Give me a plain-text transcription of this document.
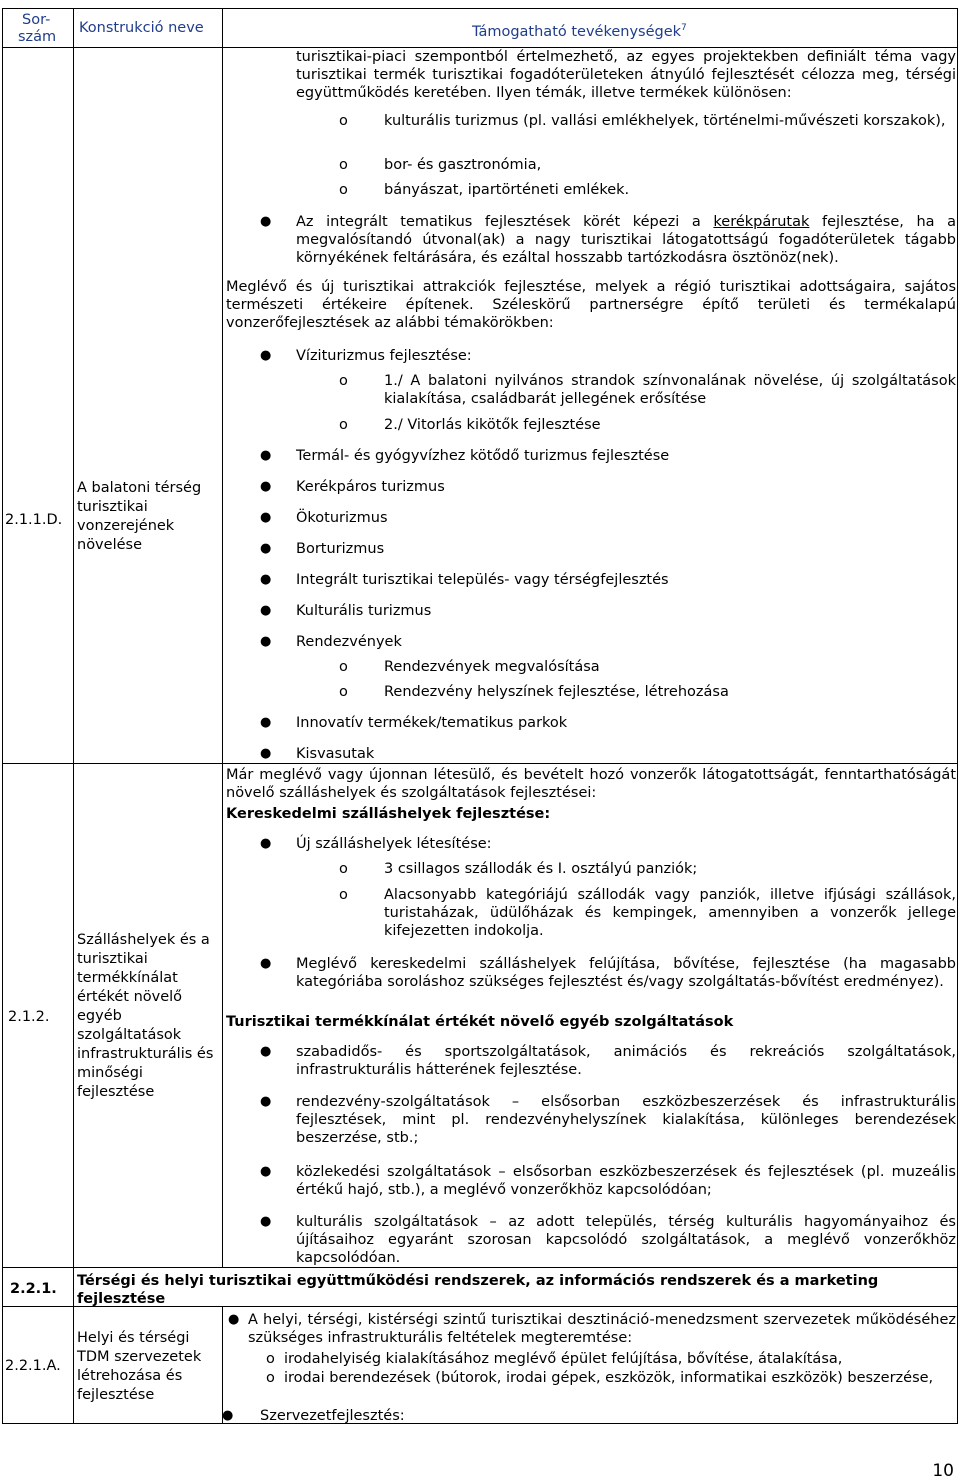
Sor-
szám
Konstrukció neve	Támogatható tevékenységek$^7$
2.1.1.D.
A balatoni térség turisztikai vonzerejének növelése
turisztikai-piaci szempontból értelmezhető, az egyes projektekben definiált téma vagy turisztikai termék turisztikai fogadóterületeken átnyúló fejlesztését célozza meg, térségi együttműködés keretében. Ilyen témák, illetve termékek különösen:
o kulturális turizmus (pl. vallási emlékhelyek, történelmi-művészeti korszakok),
o bor- és gasztronómia,
o bányászat, ipartörténeti emlékek.
● Az integrált tematikus fejlesztések körét képezi a kerékpárutak fejlesztése, ha a megvalósítandó útvonal(ak) a nagy turisztikai látogatottságú fogadóterületek tágabb környékének feltárására, és ezáltal hosszabb tartózkodásra ösztönöz(nek).
Meglévő és új turisztikai attrakciók fejlesztése, melyek a régió turisztikai adottságaira, sajátos természeti értékeire építenek. Széleskörű partnerségre építő területi és termékalapú vonzerőfejlesztések az alábbi témakörökben:
● Víziturizmus fejlesztése:
o 1./ A balatoni nyilvános strandok színvonalának növelése, új szolgáltatások kialakítása, családbarát jellegének erősítése
o 2./ Vitorlás kikötők fejlesztése
● Termál- és gyógyvízhez kötődő turizmus fejlesztése
● Kerékpáros turizmus
● Ökoturizmus
● Borturizmus
● Integrált turisztikai település- vagy térségfejlesztés
● Kulturális turizmus
● Rendezvények
o Rendezvények megvalósítása
o Rendezvény helyszínek fejlesztése, létrehozása
● Innovatív termékek/tematikus parkok
● Kisvasutak
2.1.2.
Szálláshelyek és a turisztikai termékkínálat értékét növelő egyéb szolgáltatások infrastrukturális és minőségi fejlesztése
Már meglévő vagy újonnan létesülő, és bevételt hozó vonzerők látogatottságát, fenntarthatóságát növelő szálláshelyek és szolgáltatások fejlesztései:
Kereskedelmi szálláshelyek fejlesztése:
● Új szálláshelyek létesítése:
o 3 csillagos szállodák és I. osztályú panziók;
o Alacsonyabb kategóriájú szállodák vagy panziók, illetve ifjúsági szállások, turistaházak, üdülőházak és kempingek, amennyiben a vonzerők jellege kifejezetten indokolja.
● Meglévő kereskedelmi szálláshelyek felújítása, bővítése, fejlesztése (ha magasabb kategóriába soroláshoz szükséges fejlesztést és/vagy szolgáltatás-bővítést eredményez).
Turisztikai termékkínálat értékét növelő egyéb szolgáltatások
● szabadidős- és sportszolgáltatások, animációs és rekreációs szolgáltatások, infrastrukturális hátterének fejlesztése.
● rendezvény-szolgáltatások – elsősorban eszközbeszerzések és infrastrukturális fejlesztések, mint pl. rendezvényhelyszínek kialakítása, különleges berendezések beszerzése, stb.;
● közlekedési szolgáltatások – elsősorban eszközbeszerzések és fejlesztések (pl. muzeális értékű hajó, stb.), a meglévő vonzerőkhöz kapcsolódóan;
● kulturális szolgáltatások – az adott település, térség kulturális hagyományaihoz és újításaihoz egyaránt szorosan kapcsolódó szolgáltatások, a meglévő vonzerőkhöz kapcsolódóan.
2.2.1. Térségi és helyi turisztikai együttműködési rendszerek, az információs rendszerek és a marketing fejlesztése
2.2.1.A.
Helyi és térségi TDM szervezetek létrehozása és fejlesztése
● A helyi, térségi, kistérségi szintű turisztikai desztináció-menedzsment szervezetek működéséhez szükséges infrastrukturális feltételek megteremtése:
o irodahelyiség kialakításához meglévő épület felújítása, bővítése, átalakítása,
o irodai berendezések (bútorok, irodai gépek, eszközök, informatikai eszközök) beszerzése,
● Szervezetfejlesztés:
10
